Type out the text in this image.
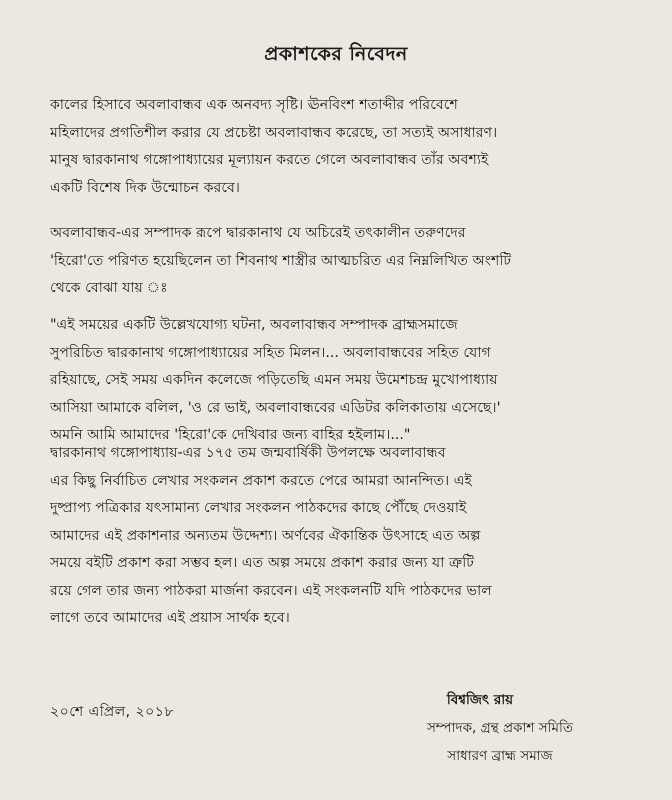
প্রকাশকের নিবেদন
কালের হিসাবে অবলাবান্ধব এক অনবদ্য সৃষ্টি। ঊনবিংশ শতাব্দীর পরিবেশে
মহিলাদের প্রগতিশীল করার যে প্রচেষ্টা অবলাবান্ধব করেছে, তা সত্যই অসাধারণ।
মানুষ দ্বারকানাথ গঙ্গোপাধ্যায়ের মূল্যায়ন করতে গেলে অবলাবান্ধব তাঁর অবশ্যই
একটি বিশেষ দিক উন্মোচন করবে।
অবলাবান্ধব-এর সম্পাদক রূপে দ্বারকানাথ যে অচিরেই তৎকালীন তরুণদের
'হিরো'তে পরিণত হয়েছিলেন তা শিবনাথ শাস্ত্রীর আত্মচরিত এর নিম্নলিখিত অংশটি
থেকে বোঝা যায় ঃ
"এই সময়ের একটি উল্লেখযোগ্য ঘটনা, অবলাবান্ধব সম্পাদক ব্রাহ্মসমাজে
সুপরিচিত দ্বারকানাথ গঙ্গোপাধ্যায়ের সহিত মিলন।... অবলাবান্ধবের সহিত যোগ
রহিয়াছে, সেই সময় একদিন কলেজে পড়িতেছি এমন সময় উমেশচন্দ্র মুখোপাধ্যায়
আসিয়া আমাকে বলিল, 'ও রে ভাই, অবলাবান্ধবের এডিটর কলিকাতায় এসেছে।'
অমনি আমি আমাদের 'হিরো'কে দেখিবার জন্য বাহির হইলাম।..."
দ্বারকানাথ গঙ্গোপাধ্যায়-এর ১৭৫ তম জন্মবার্ষিকী উপলক্ষে অবলাবান্ধব
এর কিছু নির্বাচিত লেখার সংকলন প্রকাশ করতে পেরে আমরা আনন্দিত। এই
দুষ্প্রাপ্য পত্রিকার যৎসামান্য লেখার সংকলন পাঠকদের কাছে পৌঁছে দেওয়াই
আমাদের এই প্রকাশনার অন্যতম উদ্দেশ্য। অর্ণবের ঐকান্তিক উৎসাহে এত অল্প
সময়ে বইটি প্রকাশ করা সম্ভব হল। এত অল্প সময়ে প্রকাশ করার জন্য যা ত্রুটি
রয়ে গেল তার জন্য পাঠকরা মার্জনা করবেন। এই সংকলনটি যদি পাঠকদের ভাল
লাগে তবে আমাদের এই প্রয়াস সার্থক হবে।
২০শে এপ্রিল, ২০১৮
বিশ্বজিৎ রায়
সম্পাদক, গ্রন্থ প্রকাশ সমিতি
সাধারণ ব্রাহ্ম সমাজ
